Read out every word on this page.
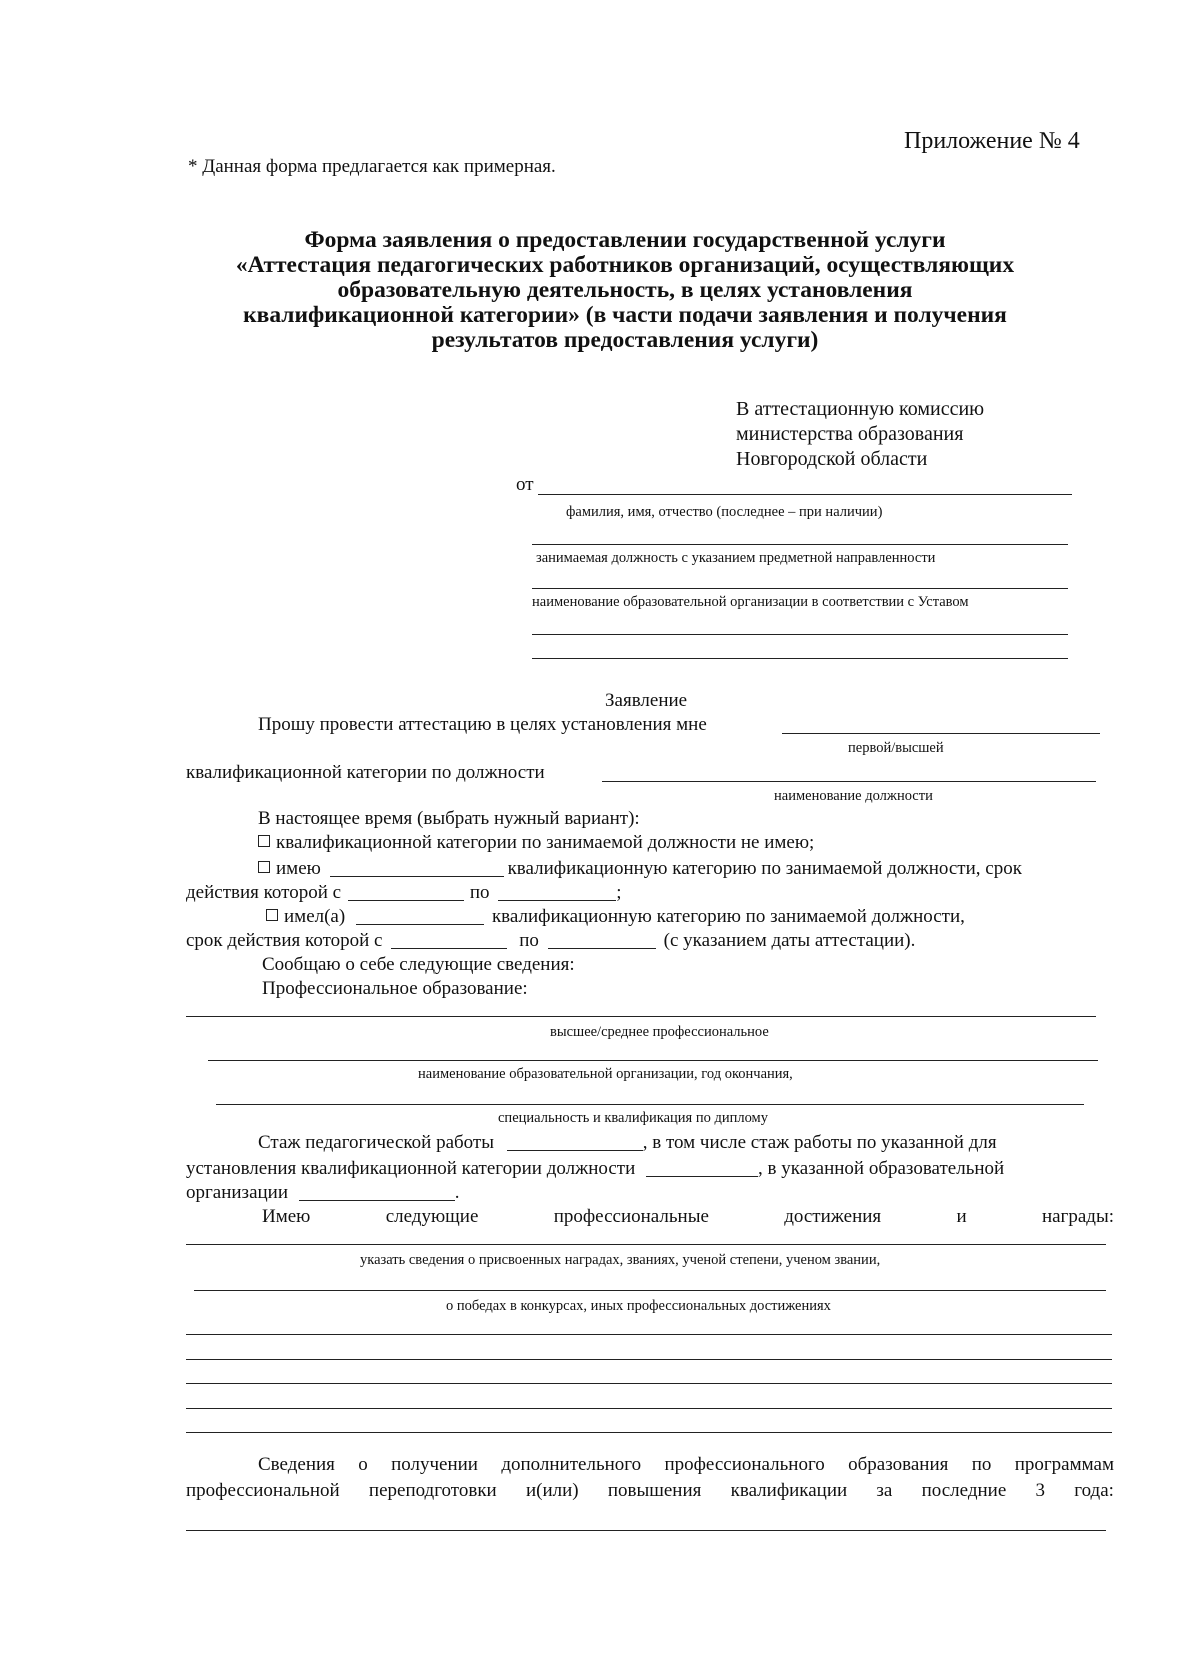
Приложение № 4
* Данная форма предлагается как примерная.
Форма заявления о предоставлении государственной услуги
«Аттестация педагогических работников организаций, осуществляющих
образовательную деятельность, в целях установления
квалификационной категории» (в части подачи заявления и получения
результатов предоставления услуги)
В аттестационную комиссию
министерства образования
Новгородской области
от
фамилия, имя, отчество (последнее – при наличии)
занимаемая должность с указанием предметной направленности
наименование образовательной организации в соответствии с Уставом
Заявление
Прошу провести аттестацию в целях установления мне
первой/высшей
квалификационной категории по должности
наименование должности
В настоящее время (выбрать нужный вариант):
квалификационной категории по занимаемой должности не имею;
имею	квалификационную категорию по занимаемой должности, срок
действия которой с	по	;
имел(а)	квалификационную категорию по занимаемой должности,
срок действия которой с	по	(с указанием даты аттестации).
Сообщаю о себе следующие сведения:
Профессиональное образование:
высшее/среднее профессиональное
наименование образовательной организации, год окончания,
специальность и квалификация по диплому
Стаж педагогической работы	, в том числе стаж работы по указанной для
установления квалификационной категории должности	, в указанной образовательной
организации	.
Имею	следующие	профессиональные	достижения	и	награды:
указать сведения о присвоенных наградах, званиях, ученой степени, ученом звании,
о победах в конкурсах, иных профессиональных достижениях
Сведения о получении дополнительного профессионального образования по программам
профессиональной переподготовки и(или) повышения квалификации за последние 3 года:
